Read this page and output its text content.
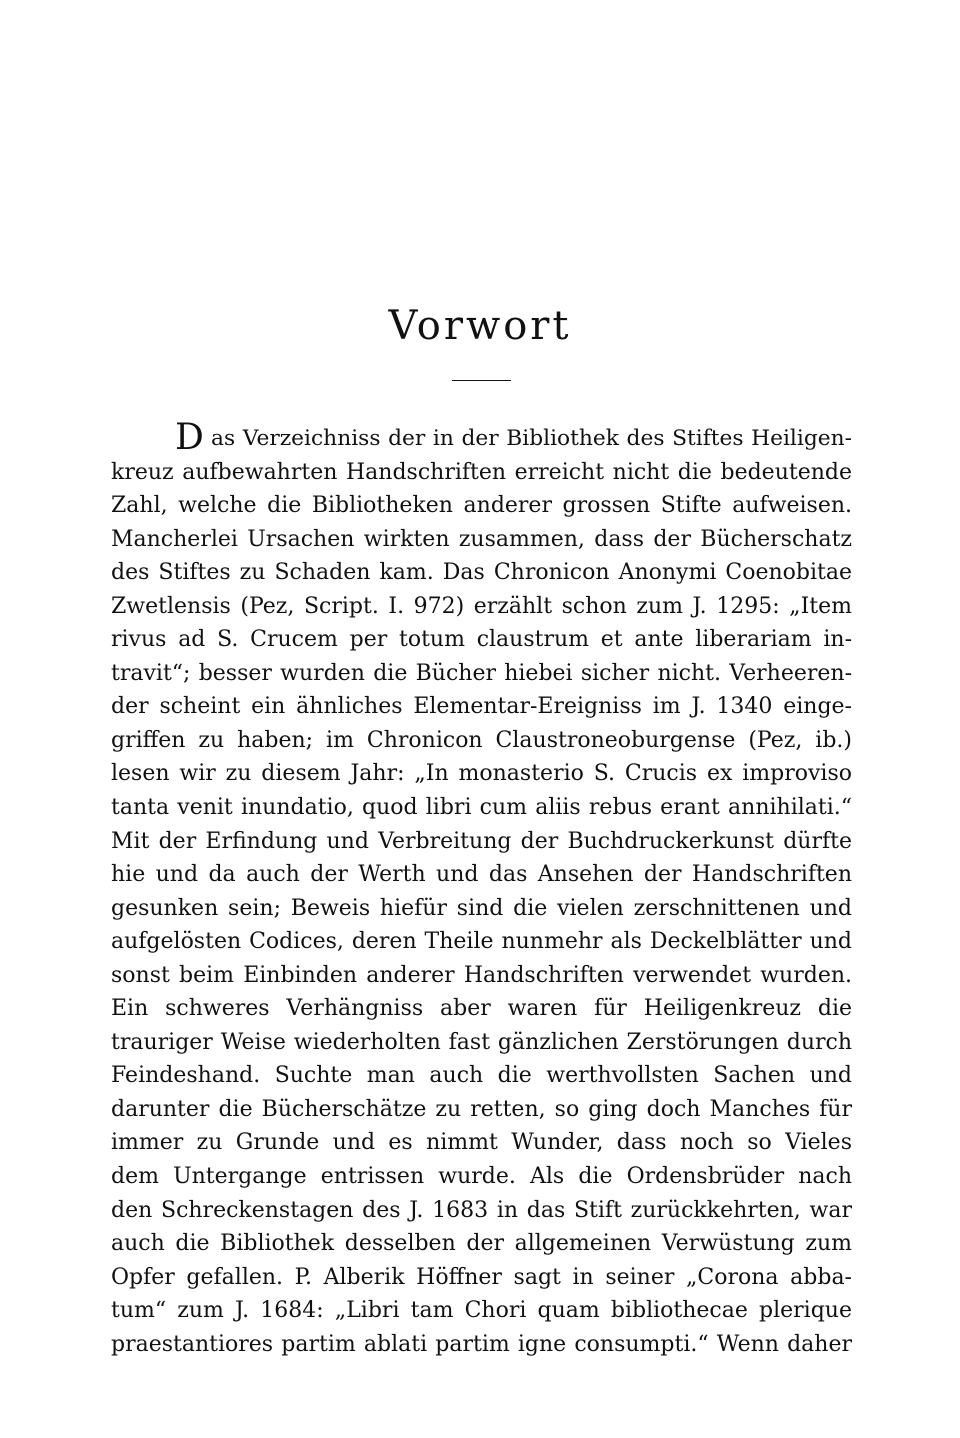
Vorwort
D as Verzeichniss der in der Bibliothek des Stiftes Heiligen-
kreuz aufbewahrten Handschriften erreicht nicht die bedeutende
Zahl, welche die Bibliotheken anderer grossen Stifte aufweisen.
Mancherlei Ursachen wirkten zusammen, dass der Bücherschatz
des Stiftes zu Schaden kam. Das Chronicon Anonymi Coenobitae
Zwetlensis (Pez, Script. I. 972) erzählt schon zum J. 1295: „Item
rivus ad S. Crucem per totum claustrum et ante liberariam in-
travit“; besser wurden die Bücher hiebei sicher nicht. Verheeren-
der scheint ein ähnliches Elementar-Ereigniss im J. 1340 einge-
griffen zu haben; im Chronicon Claustroneoburgense (Pez, ib.)
lesen wir zu diesem Jahr: „In monasterio S. Crucis ex improviso
tanta venit inundatio, quod libri cum aliis rebus erant annihilati.“
Mit der Erfindung und Verbreitung der Buchdruckerkunst dürfte
hie und da auch der Werth und das Ansehen der Handschriften
gesunken sein; Beweis hiefür sind die vielen zerschnittenen und
aufgelösten Codices, deren Theile nunmehr als Deckelblätter und
sonst beim Einbinden anderer Handschriften verwendet wurden.
Ein schweres Verhängniss aber waren für Heiligenkreuz die
trauriger Weise wiederholten fast gänzlichen Zerstörungen durch
Feindeshand. Suchte man auch die werthvollsten Sachen und
darunter die Bücherschätze zu retten, so ging doch Manches für
immer zu Grunde und es nimmt Wunder, dass noch so Vieles
dem Untergange entrissen wurde. Als die Ordensbrüder nach
den Schreckenstagen des J. 1683 in das Stift zurückkehrten, war
auch die Bibliothek desselben der allgemeinen Verwüstung zum
Opfer gefallen. P. Alberik Höffner sagt in seiner „Corona abba-
tum“ zum J. 1684: „Libri tam Chori quam bibliothecae plerique
praestantiores partim ablati partim igne consumpti.“ Wenn daher
